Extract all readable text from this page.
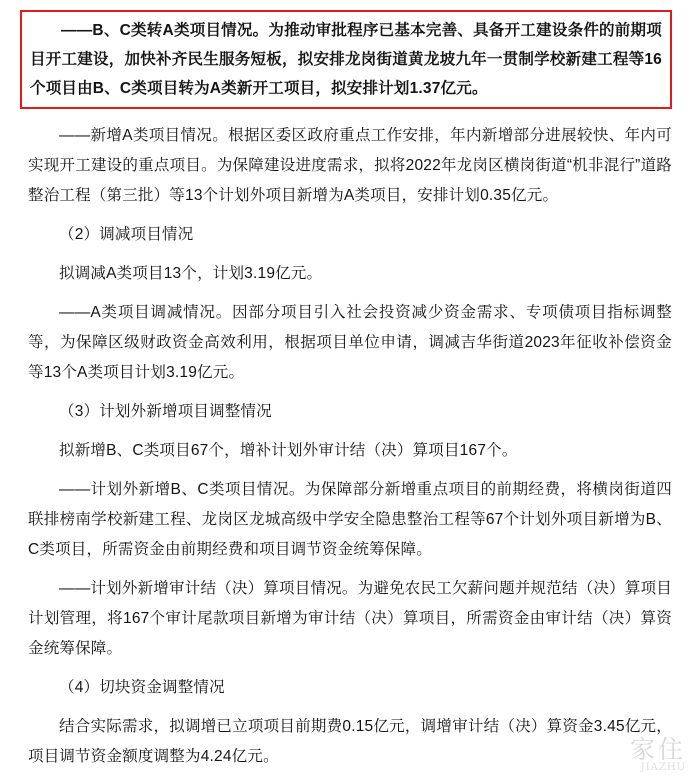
——B、C类转A类项目情况。为推动审批程序已基本完善、具备开工建设条件的前期项目开工建设，加快补齐民生服务短板，拟安排龙岗街道黄龙坡九年一贯制学校新建工程等16个项目由B、C类项目转为A类新开工项目，拟安排计划1.37亿元。

——新增A类项目情况。根据区委区政府重点工作安排，年内新增部分进展较快、年内可实现开工建设的重点项目。为保障建设进度需求，拟将2022年龙岗区横岗街道“机非混行”道路整治工程（第三批）等13个计划外项目新增为A类项目，安排计划0.35亿元。

（2）调减项目情况

拟调减A类项目13个，计划3.19亿元。

——A类项目调减情况。因部分项目引入社会投资减少资金需求、专项债项目指标调整等，为保障区级财政资金高效利用，根据项目单位申请，调减吉华街道2023年征收补偿资金等13个A类项目计划3.19亿元。

（3）计划外新增项目调整情况

拟新增B、C类项目67个，增补计划外审计结（决）算项目167个。

——计划外新增B、C类项目情况。为保障部分新增重点项目的前期经费，将横岗街道四联排榜南学校新建工程、龙岗区龙城高级中学安全隐患整治工程等67个计划外项目新增为B、C类项目，所需资金由前期经费和项目调节资金统筹保障。

——计划外新增审计结（决）算项目情况。为避免农民工欠薪问题并规范结（决）算项目计划管理，将167个审计尾款项目新增为审计结（决）算项目，所需资金由审计结（决）算资金统筹保障。

（4）切块资金调整情况

结合实际需求，拟调增已立项项目前期费0.15亿元，调增审计结（决）算资金3.45亿元，项目调节资金额度调整为4.24亿元。	家住
JIAZHU
